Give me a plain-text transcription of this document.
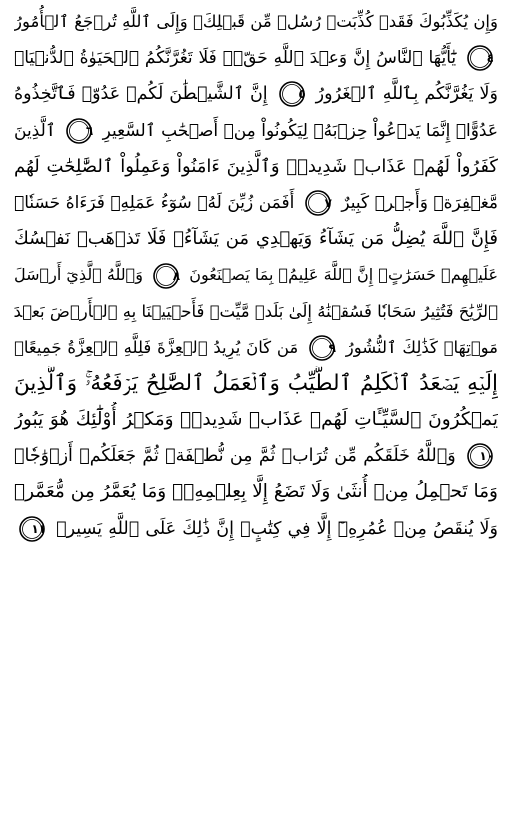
وَإِن يُكَذِّبُوكَ فَقَدۡ كُذِّبَتۡ رُسُلٞ مِّن قَبۡلِكَۚ وَإِلَى ٱللَّهِ تُرۡجَعُ ٱلۡأُمُورُ
٤
يَٰٓأَيُّهَا ٱلنَّاسُ إِنَّ وَعۡدَ ٱللَّهِ حَقّٞۖ فَلَا تَغُرَّنَّكُمُ ٱلۡحَيَوٰةُ ٱلدُّنۡيَاۖ
وَلَا يَغُرَّنَّكُم بِٱللَّهِ ٱلۡغَرُورُ
٥
إِنَّ ٱلشَّيۡطَٰنَ لَكُمۡ عَدُوّٞ فَٱتَّخِذُوهُ
عَدُوًّاۚ إِنَّمَا يَدۡعُواْ حِزۡبَهُۥ لِيَكُونُواْ مِنۡ أَصۡحَٰبِ ٱلسَّعِيرِ
٦
ٱلَّذِينَ
كَفَرُواْ لَهُمۡ عَذَابٞ شَدِيدٞۖ وَٱلَّذِينَ ءَامَنُواْ وَعَمِلُواْ ٱلصَّٰلِحَٰتِ لَهُم
مَّغۡفِرَةٞ وَأَجۡرٞ كَبِيرٌ
٧
أَفَمَن زُيِّنَ لَهُۥ سُوٓءُ عَمَلِهِۦ فَرَءَاهُ حَسَنٗاۖ
فَإِنَّ ٱللَّهَ يُضِلُّ مَن يَشَآءُ وَيَهۡدِي مَن يَشَآءُۖ فَلَا تَذۡهَبۡ نَفۡسُكَ
عَلَيۡهِمۡ حَسَرَٰتٍۚ إِنَّ ٱللَّهَ عَلِيمُۢ بِمَا يَصۡنَعُونَ
٨
وَٱللَّهُ ٱلَّذِيٓ أَرۡسَلَ
ٱلرِّيَٰحَ فَتُثِيرُ سَحَابٗا فَسُقۡنَٰهُ إِلَىٰ بَلَدٖ مَّيِّتٖ فَأَحۡيَيۡنَا بِهِ ٱلۡأَرۡضَ بَعۡدَ
مَوۡتِهَاۚ كَذَٰلِكَ ٱلنُّشُورُ
٩
مَن كَانَ يُرِيدُ ٱلۡعِزَّةَ فَلِلَّهِ ٱلۡعِزَّةُ جَمِيعًاۚ
إِلَيۡهِ يَصۡعَدُ ٱلۡكَلِمُ ٱلطَّيِّبُ وَٱلۡعَمَلُ ٱلصَّٰلِحُ يَرۡفَعُهُۥۚ وَٱلَّذِينَ
يَمۡكُرُونَ ٱلسَّيِّـَٔاتِ لَهُمۡ عَذَابٞ شَدِيدٞۖ وَمَكۡرُ أُوْلَٰٓئِكَ هُوَ يَبُورُ
١٠
وَٱللَّهُ خَلَقَكُم مِّن تُرَابٖ ثُمَّ مِن نُّطۡفَةٖ ثُمَّ جَعَلَكُمۡ أَزۡوَٰجٗاۚ
وَمَا تَحۡمِلُ مِنۡ أُنثَىٰ وَلَا تَضَعُ إِلَّا بِعِلۡمِهِۦۚ وَمَا يُعَمَّرُ مِن مُّعَمَّرٖ
وَلَا يُنقَصُ مِنۡ عُمُرِهِۦٓ إِلَّا فِي كِتَٰبٍۚ إِنَّ ذَٰلِكَ عَلَى ٱللَّهِ يَسِيرٞ
١١
